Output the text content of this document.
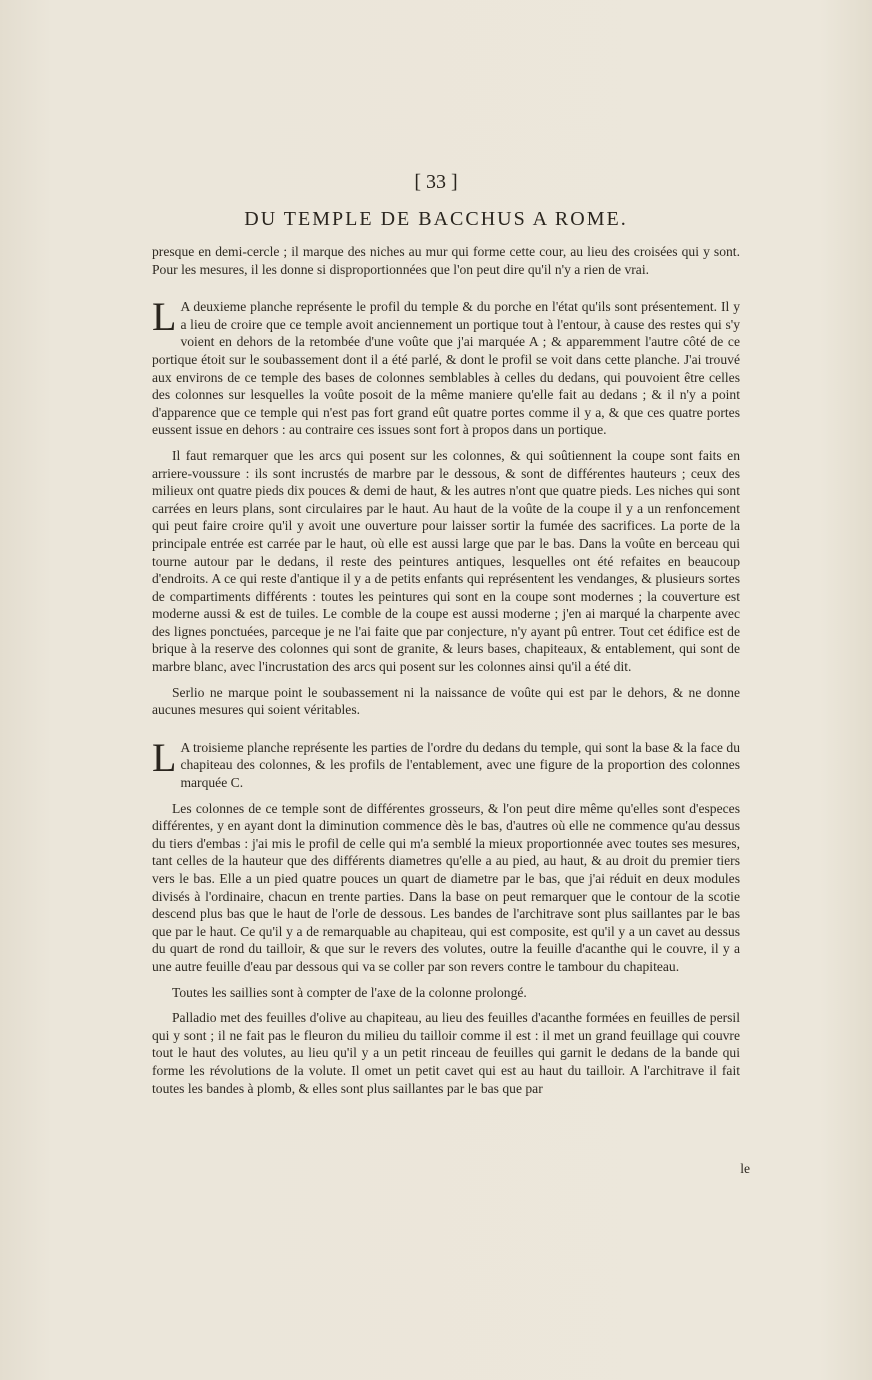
[ 33 ]
DU TEMPLE DE BACCHUS A ROME.

presque en demi-cercle ; il marque des niches au mur qui forme cette cour, au lieu des croisées qui y sont. Pour les mesures, il les donne si disproportionnées que l'on peut dire qu'il n'y a rien de vrai.

L A deuxieme planche représente le profil du temple & du porche en l'état qu'ils sont présentement. Il y a lieu de croire que ce temple avoit anciennement un portique tout à l'entour, à cause des restes qui s'y voient en dehors de la retombée d'une voûte que j'ai marquée A ; & apparemment l'autre côté de ce portique étoit sur le soubassement dont il a été parlé, & dont le profil se voit dans cette planche. J'ai trouvé aux environs de ce temple des bases de colonnes semblables à celles du dedans, qui pouvoient être celles des colonnes sur lesquelles la voûte posoit de la même maniere qu'elle fait au dedans ; & il n'y a point d'apparence que ce temple qui n'est pas fort grand eût quatre portes comme il y a, & que ces quatre portes eussent issue en dehors : au contraire ces issues sont fort à propos dans un portique.

Il faut remarquer que les arcs qui posent sur les colonnes, & qui soûtiennent la coupe sont faits en arriere-voussure : ils sont incrustés de marbre par le dessous, & sont de différentes hauteurs ; ceux des milieux ont quatre pieds dix pouces & demi de haut, & les autres n'ont que quatre pieds. Les niches qui sont carrées en leurs plans, sont circulaires par le haut. Au haut de la voûte de la coupe il y a un renfoncement qui peut faire croire qu'il y avoit une ouverture pour laisser sortir la fumée des sacrifices. La porte de la principale entrée est carrée par le haut, où elle est aussi large que par le bas. Dans la voûte en berceau qui tourne autour par le dedans, il reste des peintures antiques, lesquelles ont été refaites en beaucoup d'endroits. A ce qui reste d'antique il y a de petits enfants qui représentent les vendanges, & plusieurs sortes de compartiments différents : toutes les peintures qui sont en la coupe sont modernes ; la couverture est moderne aussi & est de tuiles. Le comble de la coupe est aussi moderne ; j'en ai marqué la charpente avec des lignes ponctuées, parceque je ne l'ai faite que par conjecture, n'y ayant pû entrer. Tout cet édifice est de brique à la reserve des colonnes qui sont de granite, & leurs bases, chapiteaux, & entablement, qui sont de marbre blanc, avec l'incrustation des arcs qui posent sur les colonnes ainsi qu'il a été dit.

Serlio ne marque point le soubassement ni la naissance de voûte qui est par le dehors, & ne donne aucunes mesures qui soient véritables.

L A troisieme planche représente les parties de l'ordre du dedans du temple, qui sont la base & la face du chapiteau des colonnes, & les profils de l'entablement, avec une figure de la proportion des colonnes marquée C.

Les colonnes de ce temple sont de différentes grosseurs, & l'on peut dire même qu'elles sont d'especes différentes, y en ayant dont la diminution commence dès le bas, d'autres où elle ne commence qu'au dessus du tiers d'embas : j'ai mis le profil de celle qui m'a semblé la mieux proportionnée avec toutes ses mesures, tant celles de la hauteur que des différents diametres qu'elle a au pied, au haut, & au droit du premier tiers vers le bas. Elle a un pied quatre pouces un quart de diametre par le bas, que j'ai réduit en deux modules divisés à l'ordinaire, chacun en trente parties. Dans la base on peut remarquer que le contour de la scotie descend plus bas que le haut de l'orle de dessous. Les bandes de l'architrave sont plus saillantes par le bas que par le haut. Ce qu'il y a de remarquable au chapiteau, qui est composite, est qu'il y a un cavet au dessus du quart de rond du tailloir, & que sur le revers des volutes, outre la feuille d'acanthe qui le couvre, il y a une autre feuille d'eau par dessous qui va se coller par son revers contre le tambour du chapiteau.

Toutes les saillies sont à compter de l'axe de la colonne prolongé.

Palladio met des feuilles d'olive au chapiteau, au lieu des feuilles d'acanthe formées en feuilles de persil qui y sont ; il ne fait pas le fleuron du milieu du tailloir comme il est : il met un grand feuillage qui couvre tout le haut des volutes, au lieu qu'il y a un petit rinceau de feuilles qui garnit le dedans de la bande qui forme les révolutions de la volute. Il omet un petit cavet qui est au haut du tailloir. A l'architrave il fait toutes les bandes à plomb, & elles sont plus saillantes par le bas que par

le
